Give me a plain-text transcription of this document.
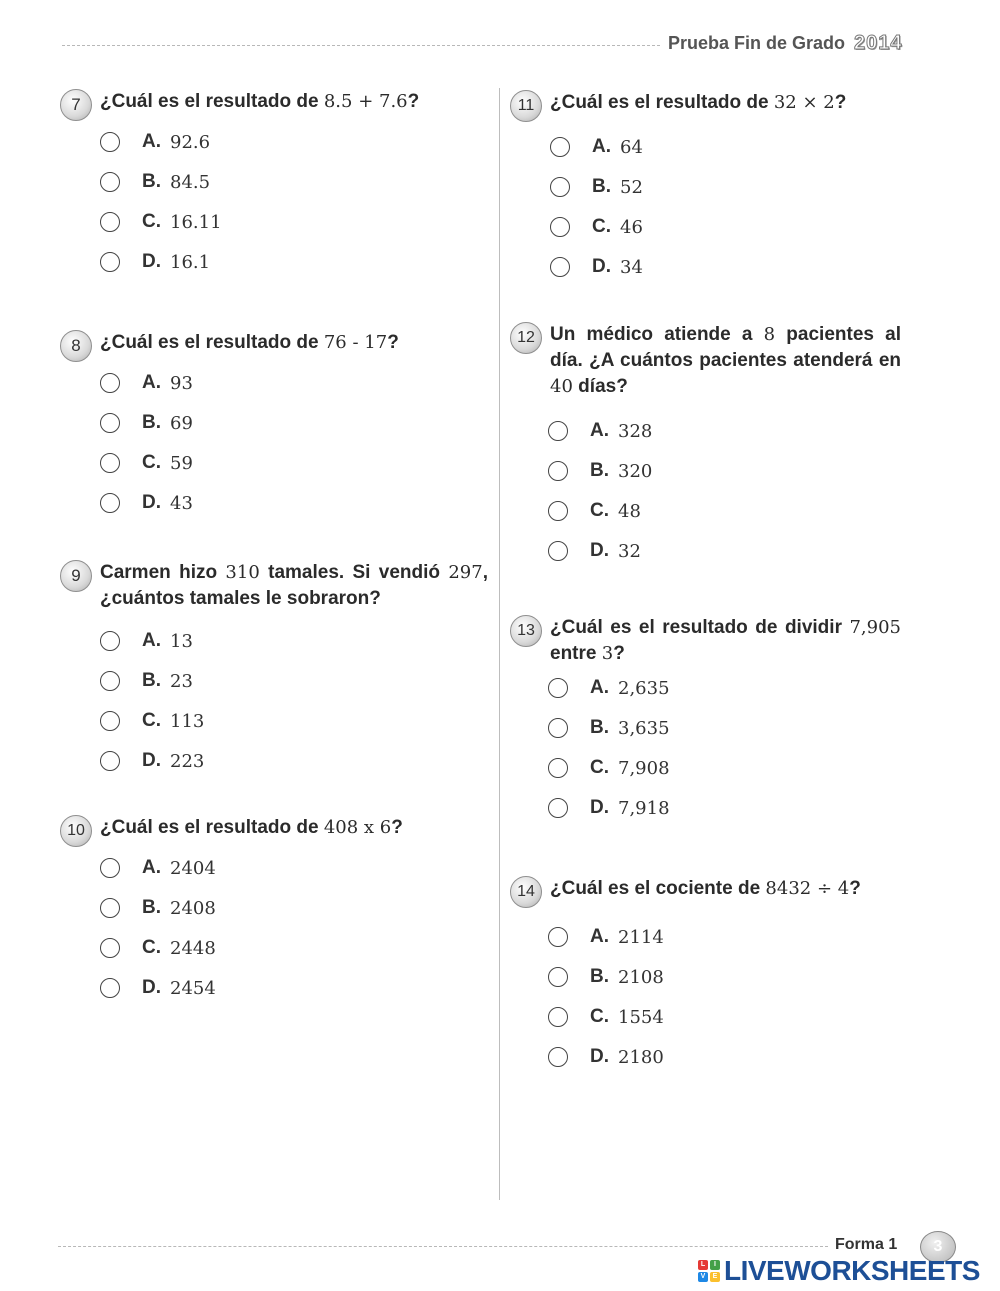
Prueba Fin de Grado 2014
7	¿Cuál es el resultado de 8.5 + 7.6?
A. 92.6
B. 84.5
C. 16.11
D. 16.1
8	¿Cuál es el resultado de 76 - 17?
A. 93
B. 69
C. 59
D. 43
9	Carmen hizo 310 tamales. Si vendió 297, ¿cuántos tamales le sobraron?
A. 13
B. 23
C. 113
D. 223
10 ¿Cuál es el resultado de 408 x 6?
A. 2404
B. 2408
C. 2448
D. 2454
11 ¿Cuál es el resultado de 32 × 2?
A. 64
B. 52
C. 46
D. 34
12 Un médico atiende a 8 pacientes al día. ¿A cuántos pacientes atenderá en 40 días?
A. 328
B. 320
C. 48
D. 32
13 ¿Cuál es el resultado de dividir 7,905 entre 3?
A. 2,635
B. 3,635
C. 7,908
D. 7,918
14 ¿Cuál es el cociente de 8432 ÷ 4?
A. 2114
B. 2108
C. 1554
D. 2180
Forma 1	3
L	I
V	E LIVEWORKSHEETS
